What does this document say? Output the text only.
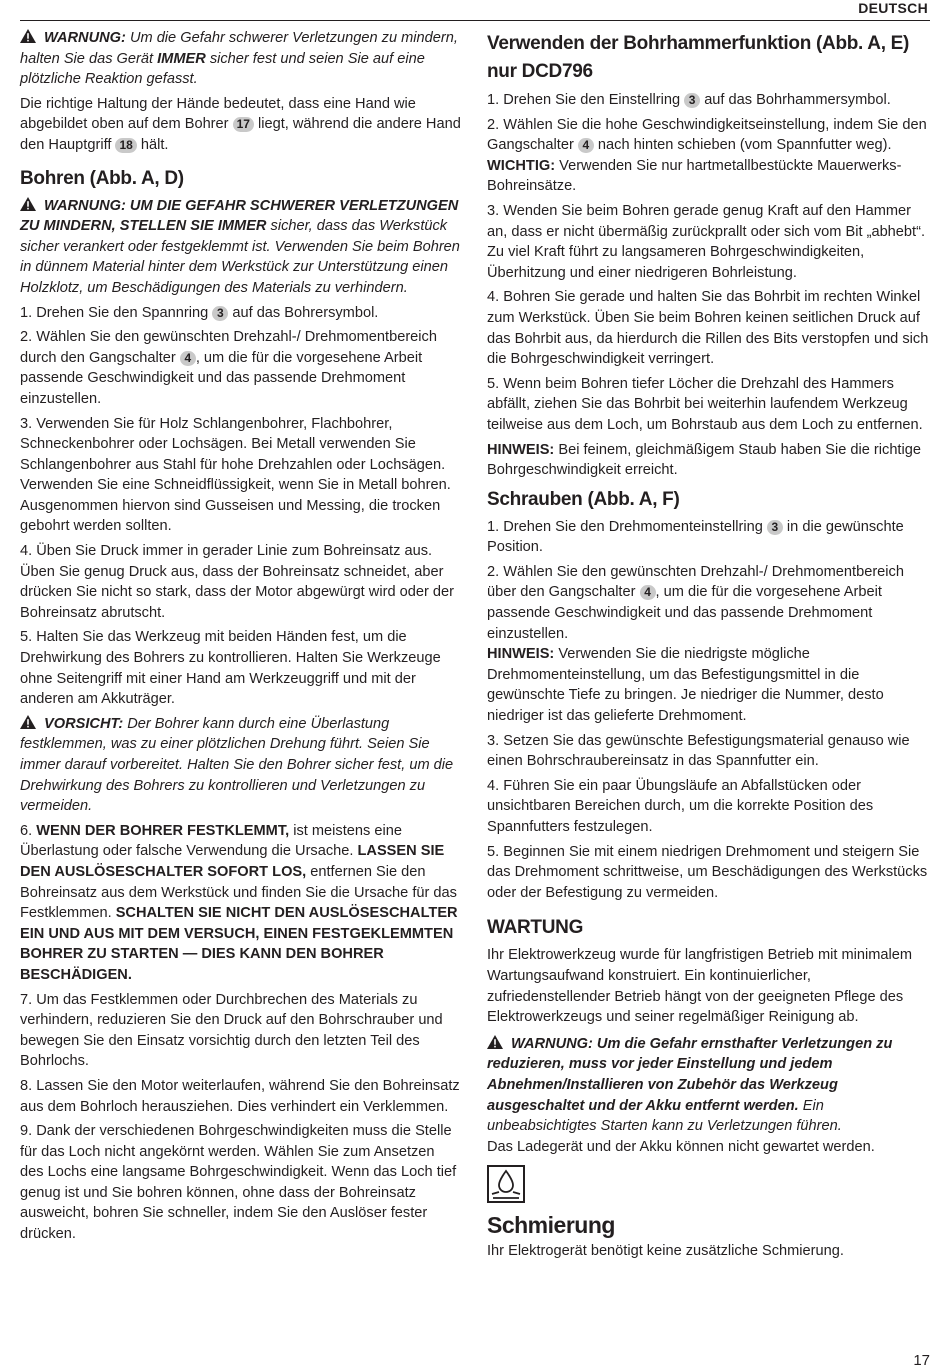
DEUTSCH

WARNUNG: Um die Gefahr schwerer Verletzungen zu mindern, halten Sie das Gerät IMMER sicher fest und seien Sie auf eine plötzliche Reaktion gefasst.

Die richtige Haltung der Hände bedeutet, dass eine Hand wie abgebildet oben auf dem Bohrer 17 liegt, während die andere Hand den Hauptgriff 18 hält.

Bohren (Abb. A, D)

WARNUNG: UM DIE GEFAHR SCHWERER VERLETZUNGEN ZU MINDERN, STELLEN SIE IMMER sicher, dass das Werkstück sicher verankert oder festgeklemmt ist. Verwenden Sie beim Bohren in dünnem Material hinter dem Werkstück zur Unterstützung einen Holzklotz, um Beschädigungen des Materials zu verhindern.

1. Drehen Sie den Spannring 3 auf das Bohrersymbol.

2. Wählen Sie den gewünschten Drehzahl-/ Drehmomentbereich durch den Gangschalter 4 , um die für die vorgesehene Arbeit passende Geschwindigkeit und das passende Drehmoment einzustellen.

3. Verwenden Sie für Holz Schlangenbohrer, Flachbohrer, Schneckenbohrer oder Lochsägen. Bei Metall verwenden Sie Schlangenbohrer aus Stahl für hohe Drehzahlen oder Lochsägen. Verwenden Sie eine Schneidflüssigkeit, wenn Sie in Metall bohren. Ausgenommen hiervon sind Gusseisen und Messing, die trocken gebohrt werden sollten.

4. Üben Sie Druck immer in gerader Linie zum Bohreinsatz aus. Üben Sie genug Druck aus, dass der Bohreinsatz schneidet, aber drücken Sie nicht so stark, dass der Motor abgewürgt wird oder der Bohreinsatz abrutscht.

5. Halten Sie das Werkzeug mit beiden Händen fest, um die Drehwirkung des Bohrers zu kontrollieren. Halten Sie Werkzeuge ohne Seitengriff mit einer Hand am Werkzeuggriff und mit der anderen am Akkuträger.

VORSICHT: Der Bohrer kann durch eine Überlastung festklemmen, was zu einer plötzlichen Drehung führt. Seien Sie immer darauf vorbereitet. Halten Sie den Bohrer sicher fest, um die Drehwirkung des Bohrers zu kontrollieren und Verletzungen zu vermeiden.

6. WENN DER BOHRER FESTKLEMMT, ist meistens eine Überlastung oder falsche Verwendung die Ursache. LASSEN SIE DEN AUSLÖSESCHALTER SOFORT LOS, entfernen Sie den Bohreinsatz aus dem Werkstück und finden Sie die Ursache für das Festklemmen. SCHALTEN SIE NICHT DEN AUSLÖSESCHALTER EIN UND AUS MIT DEM VERSUCH, EINEN FESTGEKLEMMTEN BOHRER ZU STARTEN — DIES KANN DEN BOHRER BESCHÄDIGEN.

7. Um das Festklemmen oder Durchbrechen des Materials zu verhindern, reduzieren Sie den Druck auf den Bohrschrauber und bewegen Sie den Einsatz vorsichtig durch den letzten Teil des Bohrlochs.

8. Lassen Sie den Motor weiterlaufen, während Sie den Bohreinsatz aus dem Bohrloch herausziehen. Dies verhindert ein Verklemmen.

9. Dank der verschiedenen Bohrgeschwindigkeiten muss die Stelle für das Loch nicht angekörnt werden. Wählen Sie zum Ansetzen des Lochs eine langsame Bohrgeschwindigkeit. Wenn das Loch tief genug ist und Sie bohren können, ohne dass der Bohreinsatz ausweicht, bohren Sie schneller, indem Sie den Auslöser fester drücken.

Verwenden der Bohrhammerfunktion (Abb. A, E)
nur DCD796

1. Drehen Sie den Einstellring 3 auf das Bohrhammersymbol.

2. Wählen Sie die hohe Geschwindigkeitseinstellung, indem Sie den Gangschalter 4 nach hinten schieben (vom Spannfutter weg).

WICHTIG: Verwenden Sie nur hartmetallbestückte Mauerwerks-Bohreinsätze.

3. Wenden Sie beim Bohren gerade genug Kraft auf den Hammer an, dass er nicht übermäßig zurückprallt oder sich vom Bit „abhebt“. Zu viel Kraft führt zu langsameren Bohrgeschwindigkeiten, Überhitzung und einer niedrigeren Bohrleistung.

4. Bohren Sie gerade und halten Sie das Bohrbit im rechten Winkel zum Werkstück. Üben Sie beim Bohren keinen seitlichen Druck auf das Bohrbit aus, da hierdurch die Rillen des Bits verstopfen und sich die Bohrgeschwindigkeit verringert.

5. Wenn beim Bohren tiefer Löcher die Drehzahl des Hammers abfällt, ziehen Sie das Bohrbit bei weiterhin laufendem Werkzeug teilweise aus dem Loch, um Bohrstaub aus dem Loch zu entfernen.

HINWEIS: Bei feinem, gleichmäßigem Staub haben Sie die richtige Bohrgeschwindigkeit erreicht.

Schrauben (Abb. A, F)

1. Drehen Sie den Drehmomenteinstellring 3 in die gewünschte Position.

2. Wählen Sie den gewünschten Drehzahl-/ Drehmomentbereich über den Gangschalter 4 , um die für die vorgesehene Arbeit passende Geschwindigkeit und das passende Drehmoment einzustellen.

HINWEIS: Verwenden Sie die niedrigste mögliche Drehmomenteinstellung, um das Befestigungsmittel in die gewünschte Tiefe zu bringen. Je niedriger die Nummer, desto niedriger ist das gelieferte Drehmoment.

3. Setzen Sie das gewünschte Befestigungsmaterial genauso wie einen Bohrschraubereinsatz in das Spannfutter ein.

4. Führen Sie ein paar Übungsläufe an Abfallstücken oder unsichtbaren Bereichen durch, um die korrekte Position des Spannfutters festzulegen.

5. Beginnen Sie mit einem niedrigen Drehmoment und steigern Sie das Drehmoment schrittweise, um Beschädigungen des Werkstücks oder der Befestigung zu vermeiden.

WARTUNG

Ihr Elektrowerkzeug wurde für langfristigen Betrieb mit minimalem Wartungsaufwand konstruiert. Ein kontinuierlicher, zufriedenstellender Betrieb hängt von der geeigneten Pflege des Elektrowerkzeugs und seiner regelmäßiger Reinigung ab.

WARNUNG: Um die Gefahr ernsthafter Verletzungen zu reduzieren, muss vor jeder Einstellung und jedem Abnehmen/Installieren von Zubehör das Werkzeug ausgeschaltet und der Akku entfernt werden. Ein unbeabsichtigtes Starten kann zu Verletzungen führen.

Das Ladegerät und der Akku können nicht gewartet werden.

Schmierung

Ihr Elektrogerät benötigt keine zusätzliche Schmierung.

17
